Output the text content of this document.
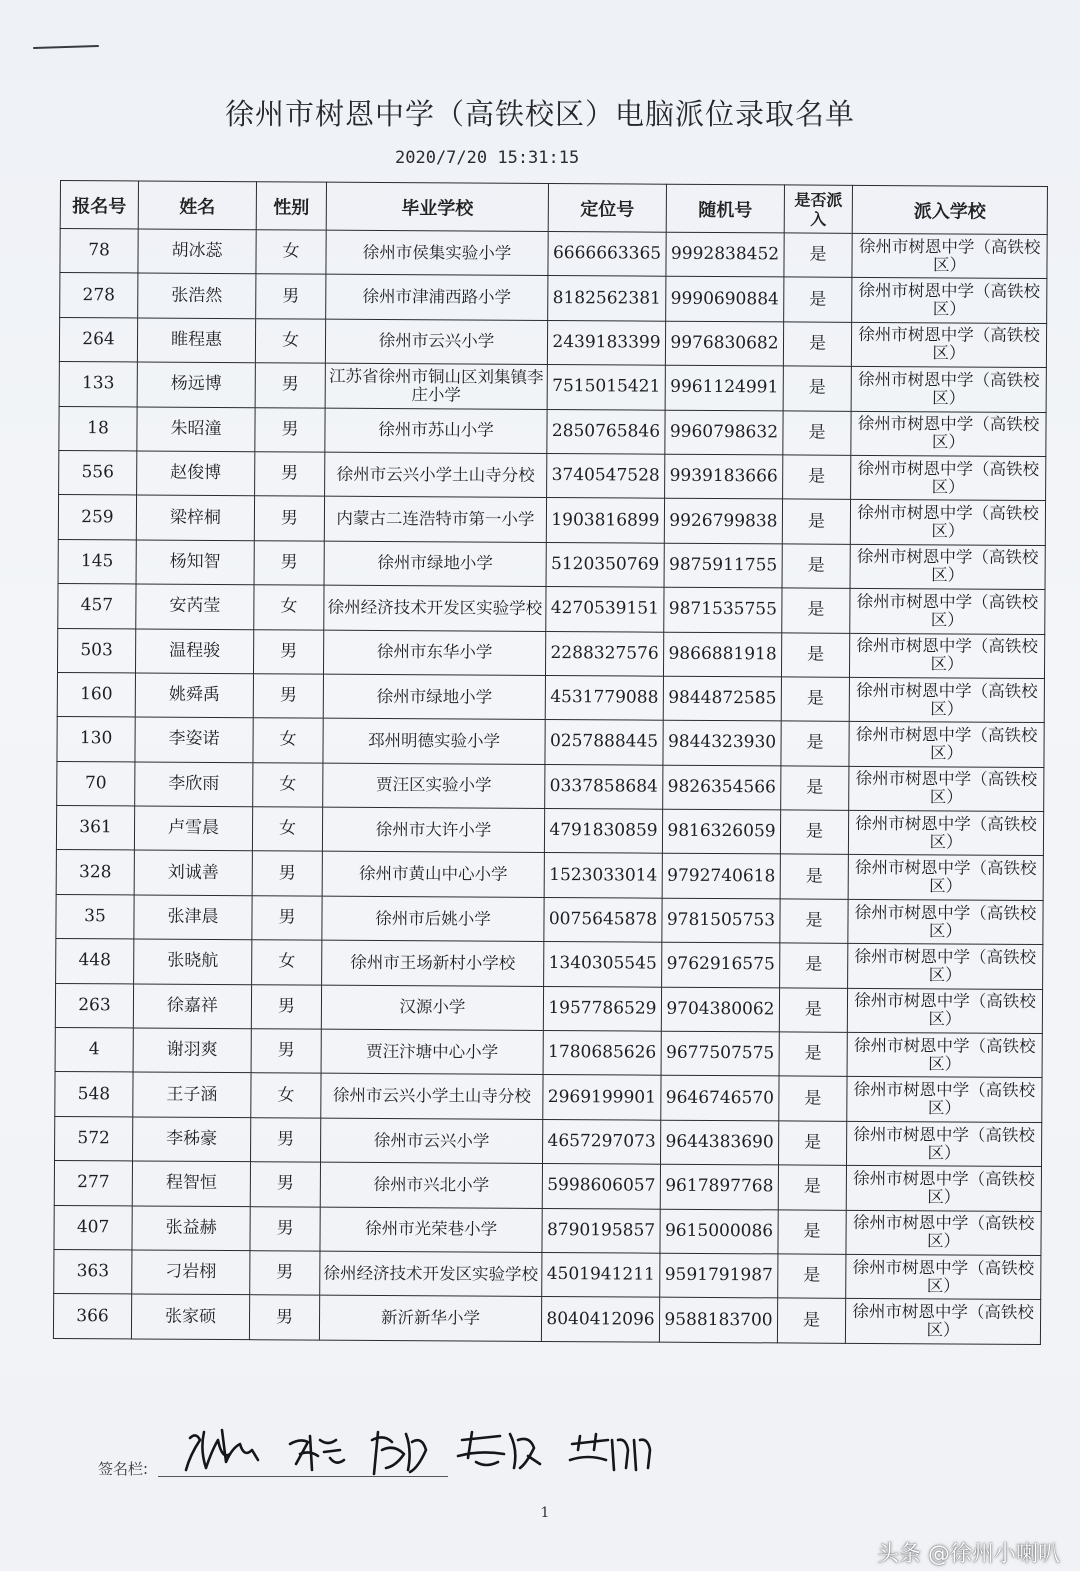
徐州市树恩中学（高铁校区）电脑派位录取名单
2020/7/20 15:31:15
报名号	姓名	性别	毕业学校	定位号	随机号	是否派入	派入学校
78	胡冰蕊	女	徐州市侯集实验小学	6666663365	9992838452	是	徐州市树恩中学（高铁校区）
278	张浩然	男	徐州市津浦西路小学	8182562381	9990690884	是	徐州市树恩中学（高铁校区）
264	睢程惠	女	徐州市云兴小学	2439183399	9976830682	是	徐州市树恩中学（高铁校区）
133	杨远博	男	江苏省徐州市铜山区刘集镇李庄小学	7515015421	9961124991	是	徐州市树恩中学（高铁校区）
18	朱昭潼	男	徐州市苏山小学	2850765846	9960798632	是	徐州市树恩中学（高铁校区）
556	赵俊博	男	徐州市云兴小学土山寺分校	3740547528	9939183666	是	徐州市树恩中学（高铁校区）
259	梁梓桐	男	内蒙古二连浩特市第一小学	1903816899	9926799838	是	徐州市树恩中学（高铁校区）
145	杨知智	男	徐州市绿地小学	5120350769	9875911755	是	徐州市树恩中学（高铁校区）
457	安芮莹	女	徐州经济技术开发区实验学校	4270539151	9871535755	是	徐州市树恩中学（高铁校区）
503	温程骏	男	徐州市东华小学	2288327576	9866881918	是	徐州市树恩中学（高铁校区）
160	姚舜禹	男	徐州市绿地小学	4531779088	9844872585	是	徐州市树恩中学（高铁校区）
130	李姿诺	女	邳州明德实验小学	0257888445	9844323930	是	徐州市树恩中学（高铁校区）
70	李欣雨	女	贾汪区实验小学	0337858684	9826354566	是	徐州市树恩中学（高铁校区）
361	卢雪晨	女	徐州市大许小学	4791830859	9816326059	是	徐州市树恩中学（高铁校区）
328	刘诚善	男	徐州市黄山中心小学	1523033014	9792740618	是	徐州市树恩中学（高铁校区）
35	张津晨	男	徐州市后姚小学	0075645878	9781505753	是	徐州市树恩中学（高铁校区）
448	张晓航	女	徐州市王场新村小学校	1340305545	9762916575	是	徐州市树恩中学（高铁校区）
263	徐嘉祥	男	汉源小学	1957786529	9704380062	是	徐州市树恩中学（高铁校区）
4	谢羽爽	男	贾汪汴塘中心小学	1780685626	9677507575	是	徐州市树恩中学（高铁校区）
548	王子涵	女	徐州市云兴小学土山寺分校	2969199901	9646746570	是	徐州市树恩中学（高铁校区）
572	李秭豪	男	徐州市云兴小学	4657297073	9644383690	是	徐州市树恩中学（高铁校区）
277	程智恒	男	徐州市兴北小学	5998606057	9617897768	是	徐州市树恩中学（高铁校区）
407	张益赫	男	徐州市光荣巷小学	8790195857	9615000086	是	徐州市树恩中学（高铁校区）
363	刁岩栩	男	徐州经济技术开发区实验学校	4501941211	9591791987	是	徐州市树恩中学（高铁校区）
366	张家硕	男	新沂新华小学	8040412096	9588183700	是	徐州市树恩中学（高铁校区）
签名栏:
1
头条 @徐州小喇叭
